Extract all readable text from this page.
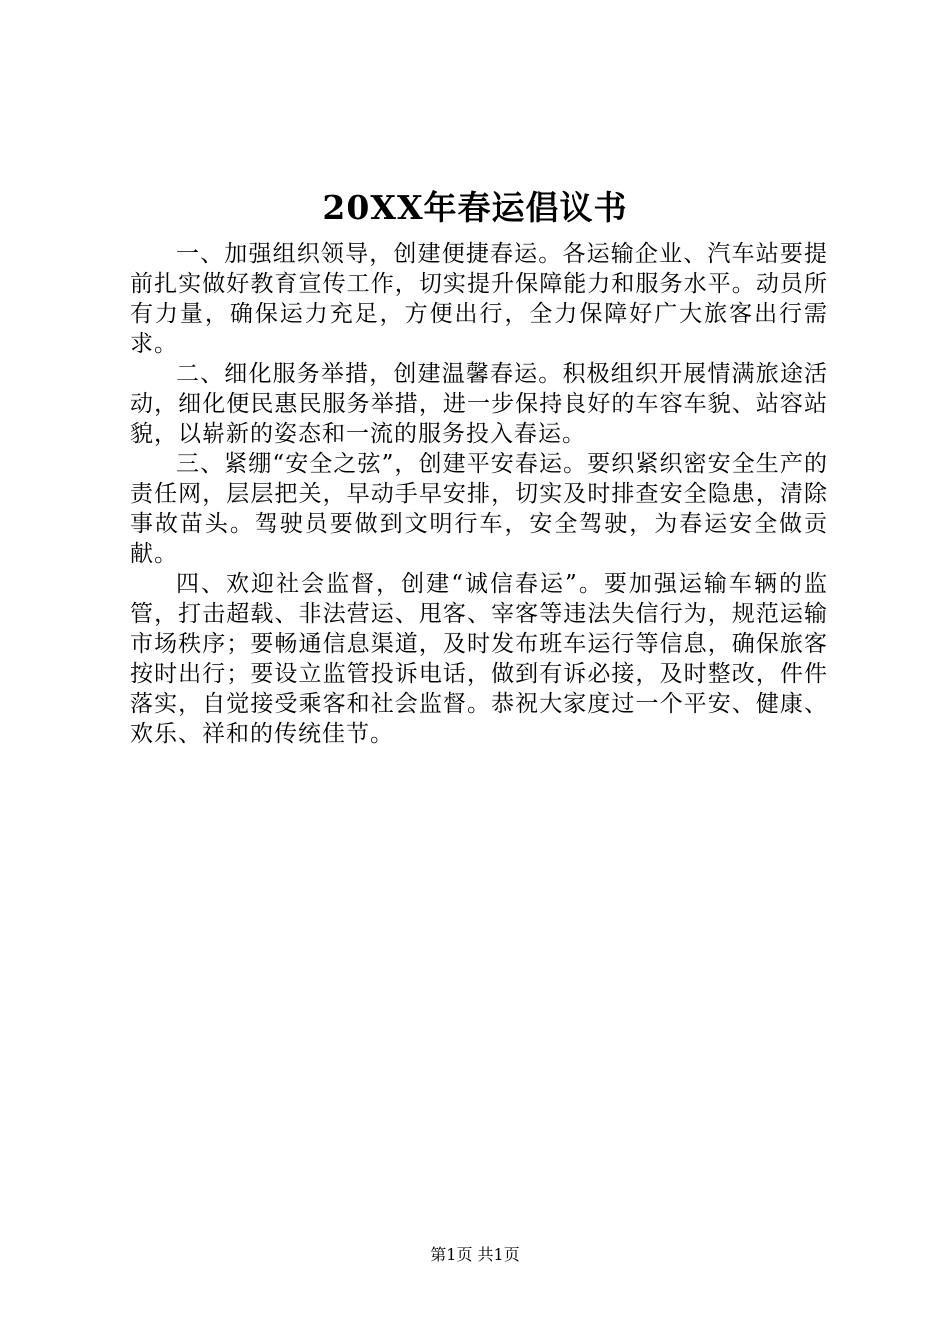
20XX年春运倡议书

一、加强组织领导，创建便捷春运。各运输企业、汽车站要提前扎实做好教育宣传工作，切实提升保障能力和服务水平。动员所有力量，确保运力充足，方便出行，全力保障好广大旅客出行需求。

二、细化服务举措，创建温馨春运。积极组织开展情满旅途活动，细化便民惠民服务举措，进一步保持良好的车容车貌、站容站貌，以崭新的姿态和一流的服务投入春运。

三、紧绷“安全之弦”，创建平安春运。要织紧织密安全生产的责任网，层层把关，早动手早安排，切实及时排查安全隐患，清除事故苗头。驾驶员要做到文明行车，安全驾驶，为春运安全做贡献。

四、欢迎社会监督，创建“诚信春运”。要加强运输车辆的监管，打击超载、非法营运、甩客、宰客等违法失信行为，规范运输市场秩序；要畅通信息渠道，及时发布班车运行等信息，确保旅客按时出行；要设立监管投诉电话，做到有诉必接，及时整改，件件落实，自觉接受乘客和社会监督。恭祝大家度过一个平安、健康、欢乐、祥和的传统佳节。

第1页 共1页
